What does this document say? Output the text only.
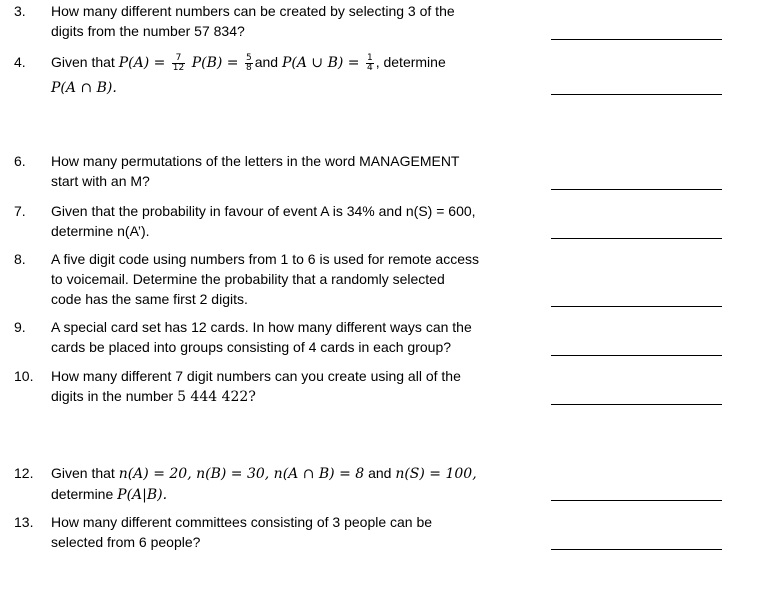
3. How many different numbers can be created by selecting 3 of the
digits from the number 57 834?
4. Given that $P(A) = \frac{7}{12} P(B) = \frac{5}{8}$ and P(A ∪ $B) = \frac{1}{4}$ , determine
P(A ∩ B).
6. How many permutations of the letters in the word MANAGEMENT
start with an M?
7. Given that the probability in favour of event A is 34% and n(S) = 600,
determine n(A’).
8. A five digit code using numbers from 1 to 6 is used for remote access
to voicemail. Determine the probability that a randomly selected
code has the same first 2 digits.
9. A special card set has 12 cards. In how many different ways can the
cards be placed into groups consisting of 4 cards in each group?
10. How many different 7 digit numbers can you create using all of the
digits in the number 5 444 422?
12. Given that n(A) = 20, n(B) = 30, n(A ∩ B) = 8 and n(S) = 100,
determine P(A|B).
13. How many different committees consisting of 3 people can be
selected from 6 people?
